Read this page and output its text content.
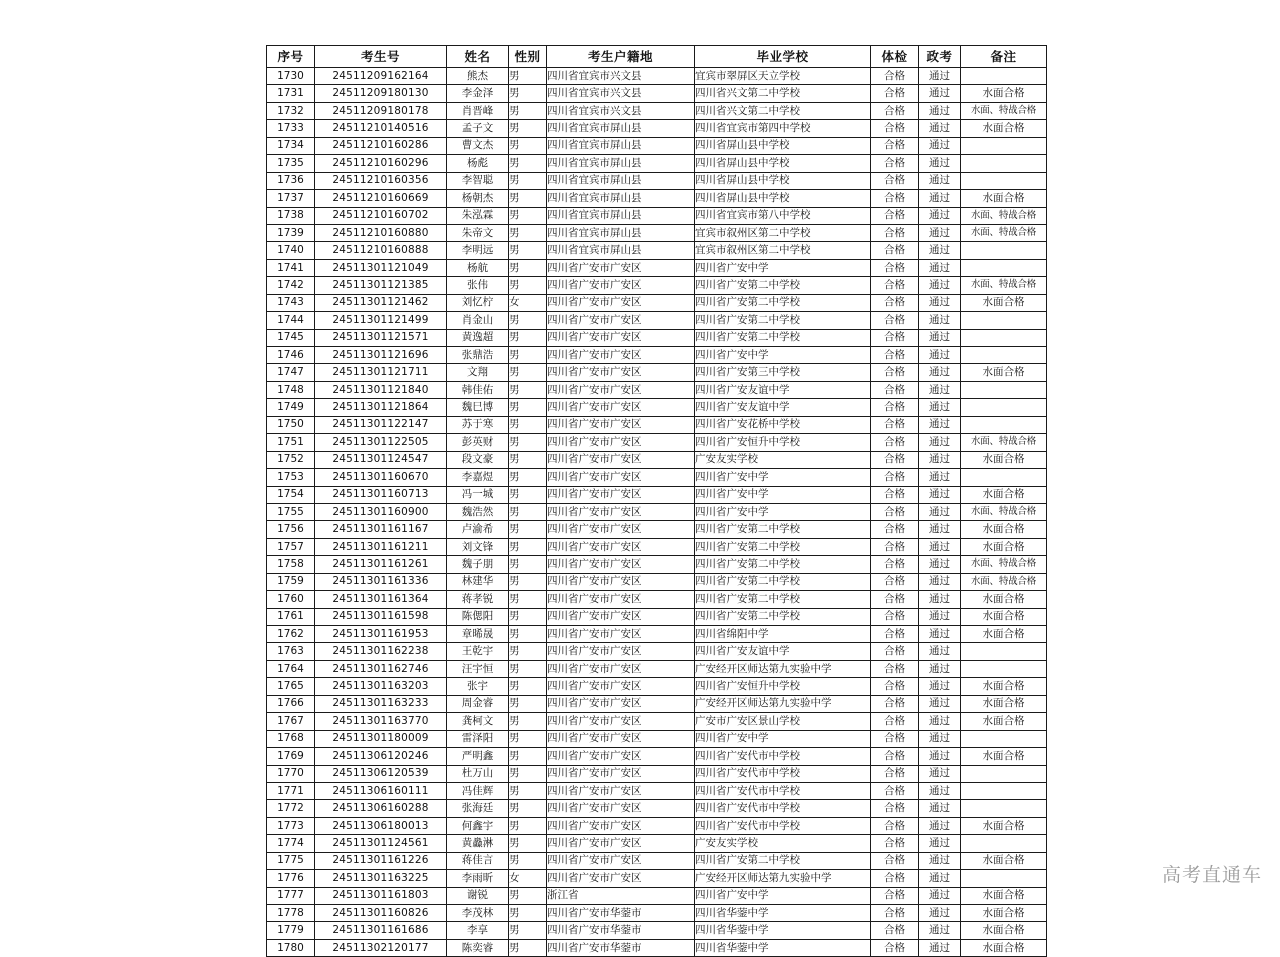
序号	考生号	姓名	性别	考生户籍地	毕业学校	体检	政考	备注
1730	24511209162164	熊杰	男	四川省宜宾市兴文县	宜宾市翠屏区天立学校	合格	通过	
1731	24511209180130	李金泽	男	四川省宜宾市兴文县	四川省兴文第二中学校	合格	通过	水面合格
1732	24511209180178	肖晋峰	男	四川省宜宾市兴文县	四川省兴文第二中学校	合格	通过	水面、特战合格
1733	24511210140516	孟子文	男	四川省宜宾市屏山县	四川省宜宾市第四中学校	合格	通过	水面合格
1734	24511210160286	曹文杰	男	四川省宜宾市屏山县	四川省屏山县中学校	合格	通过	
1735	24511210160296	杨彪	男	四川省宜宾市屏山县	四川省屏山县中学校	合格	通过	
1736	24511210160356	李智聪	男	四川省宜宾市屏山县	四川省屏山县中学校	合格	通过	
1737	24511210160669	杨朝杰	男	四川省宜宾市屏山县	四川省屏山县中学校	合格	通过	水面合格
1738	24511210160702	朱泓霖	男	四川省宜宾市屏山县	四川省宜宾市第八中学校	合格	通过	水面、特战合格
1739	24511210160880	朱帝文	男	四川省宜宾市屏山县	宜宾市叙州区第二中学校	合格	通过	水面、特战合格
1740	24511210160888	李明远	男	四川省宜宾市屏山县	宜宾市叙州区第二中学校	合格	通过	
1741	24511301121049	杨航	男	四川省广安市广安区	四川省广安中学	合格	通过	
1742	24511301121385	张伟	男	四川省广安市广安区	四川省广安第二中学校	合格	通过	水面、特战合格
1743	24511301121462	刘忆柠	女	四川省广安市广安区	四川省广安第二中学校	合格	通过	水面合格
1744	24511301121499	肖金山	男	四川省广安市广安区	四川省广安第二中学校	合格	通过	
1745	24511301121571	黄逸超	男	四川省广安市广安区	四川省广安第二中学校	合格	通过	
1746	24511301121696	张鼎浩	男	四川省广安市广安区	四川省广安中学	合格	通过	
1747	24511301121711	文翔	男	四川省广安市广安区	四川省广安第三中学校	合格	通过	水面合格
1748	24511301121840	韩佳佑	男	四川省广安市广安区	四川省广安友谊中学	合格	通过	
1749	24511301121864	魏巳博	男	四川省广安市广安区	四川省广安友谊中学	合格	通过	
1750	24511301122147	苏于寒	男	四川省广安市广安区	四川省广安花桥中学校	合格	通过	
1751	24511301122505	彭英财	男	四川省广安市广安区	四川省广安恒升中学校	合格	通过	水面、特战合格
1752	24511301124547	段文豪	男	四川省广安市广安区	广安友实学校	合格	通过	水面合格
1753	24511301160670	李嘉煜	男	四川省广安市广安区	四川省广安中学	合格	通过	
1754	24511301160713	冯一城	男	四川省广安市广安区	四川省广安中学	合格	通过	水面合格
1755	24511301160900	魏浩然	男	四川省广安市广安区	四川省广安中学	合格	通过	水面、特战合格
1756	24511301161167	卢渝希	男	四川省广安市广安区	四川省广安第二中学校	合格	通过	水面合格
1757	24511301161211	刘文锋	男	四川省广安市广安区	四川省广安第二中学校	合格	通过	水面合格
1758	24511301161261	魏子朋	男	四川省广安市广安区	四川省广安第二中学校	合格	通过	水面、特战合格
1759	24511301161336	林建华	男	四川省广安市广安区	四川省广安第二中学校	合格	通过	水面、特战合格
1760	24511301161364	蒋孝锐	男	四川省广安市广安区	四川省广安第二中学校	合格	通过	水面合格
1761	24511301161598	陈偲阳	男	四川省广安市广安区	四川省广安第二中学校	合格	通过	水面合格
1762	24511301161953	章晞晟	男	四川省广安市广安区	四川省绵阳中学	合格	通过	水面合格
1763	24511301162238	王乾宇	男	四川省广安市广安区	四川省广安友谊中学	合格	通过	
1764	24511301162746	汪宇恒	男	四川省广安市广安区	广安经开区师达第九实验中学	合格	通过	
1765	24511301163203	张宇	男	四川省广安市广安区	四川省广安恒升中学校	合格	通过	水面合格
1766	24511301163233	周金睿	男	四川省广安市广安区	广安经开区师达第九实验中学	合格	通过	水面合格
1767	24511301163770	龚柯文	男	四川省广安市广安区	广安市广安区景山学校	合格	通过	水面合格
1768	24511301180009	雷泽阳	男	四川省广安市广安区	四川省广安中学	合格	通过	
1769	24511306120246	严明鑫	男	四川省广安市广安区	四川省广安代市中学校	合格	通过	水面合格
1770	24511306120539	杜万山	男	四川省广安市广安区	四川省广安代市中学校	合格	通过	
1771	24511306160111	冯佳辉	男	四川省广安市广安区	四川省广安代市中学校	合格	通过	
1772	24511306160288	张海廷	男	四川省广安市广安区	四川省广安代市中学校	合格	通过	
1773	24511306180013	何鑫宇	男	四川省广安市广安区	四川省广安代市中学校	合格	通过	水面合格
1774	24511301124561	黄灥淋	男	四川省广安市广安区	广安友实学校	合格	通过	
1775	24511301161226	蒋佳言	男	四川省广安市广安区	四川省广安第二中学校	合格	通过	水面合格
1776	24511301163225	李雨昕	女	四川省广安市广安区	广安经开区师达第九实验中学	合格	通过	
1777	24511301161803	谢锐	男	浙江省	四川省广安中学	合格	通过	水面合格
1778	24511301160826	李茂林	男	四川省广安市华蓥市	四川省华蓥中学	合格	通过	水面合格
1779	24511301161686	李享	男	四川省广安市华蓥市	四川省华蓥中学	合格	通过	水面合格
1780	24511302120177	陈奕睿	男	四川省广安市华蓥市	四川省华蓥中学	合格	通过	水面合格
高考直通车
